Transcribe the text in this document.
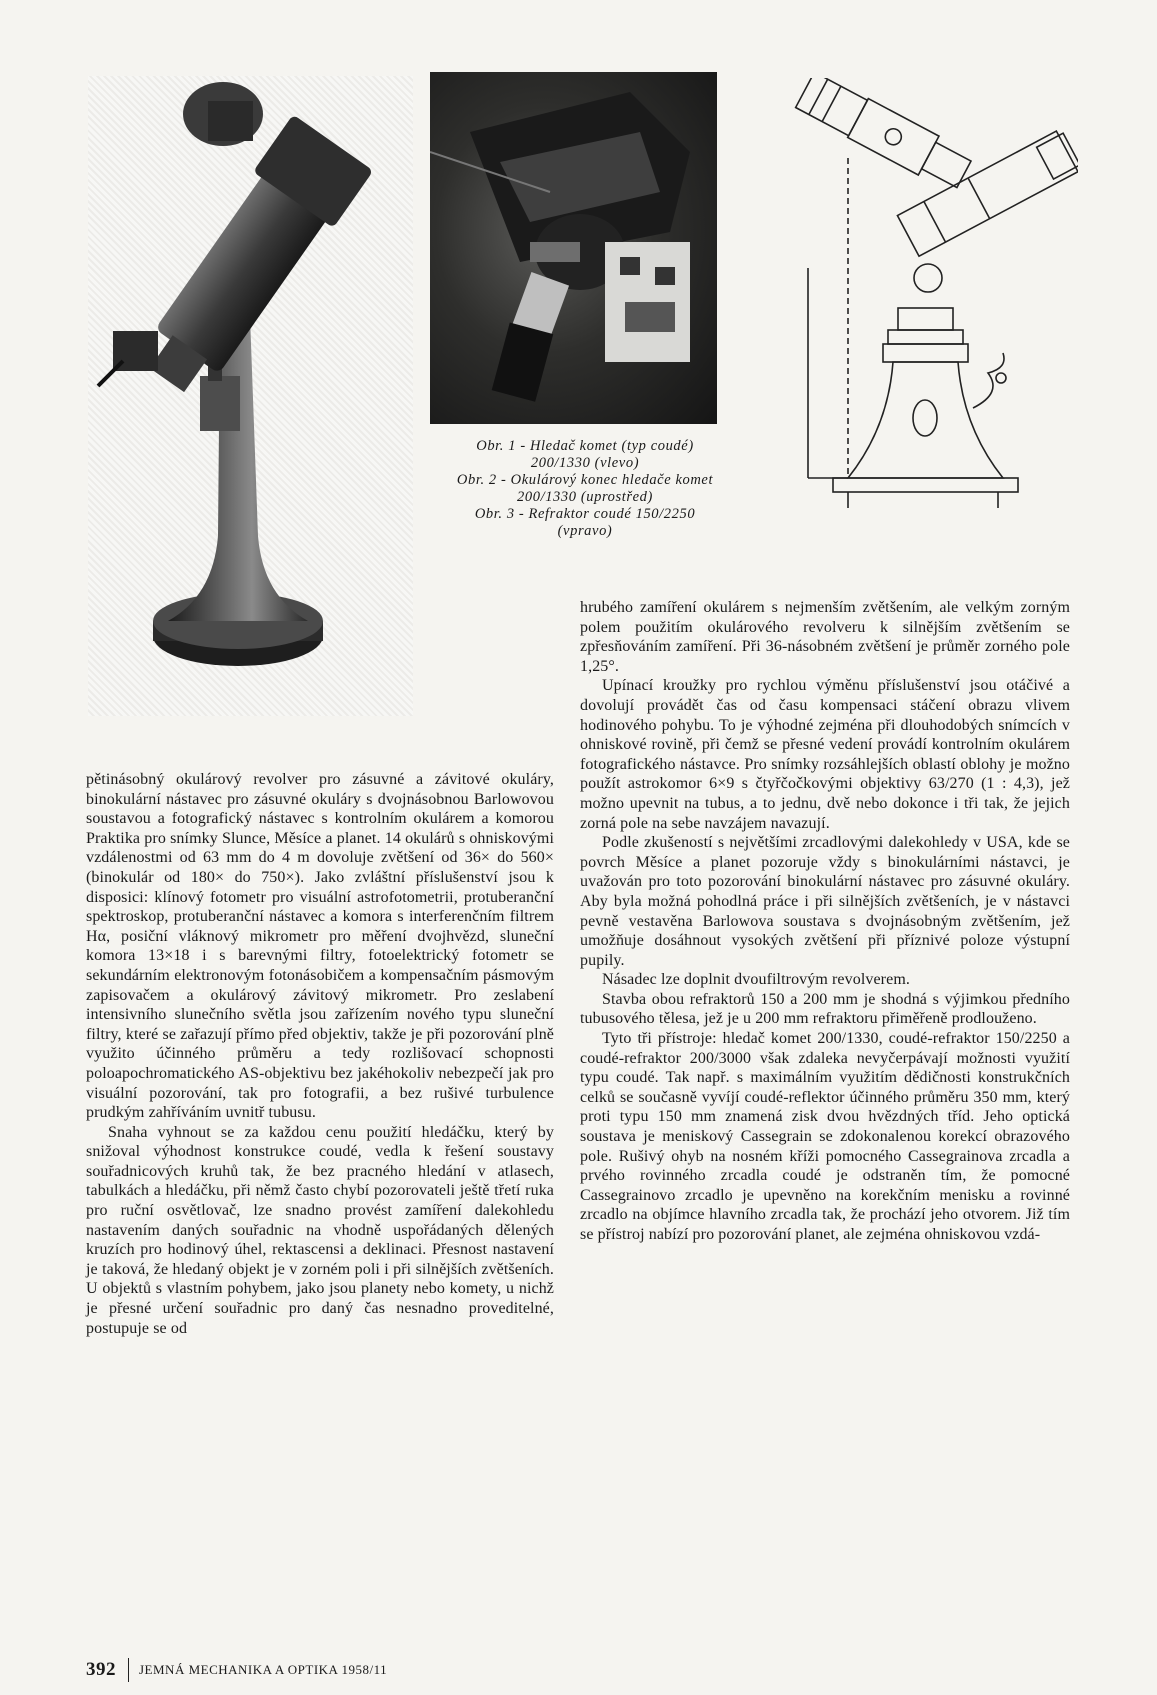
Obr. 1 - Hledač komet (typ coudé)
200/1330 (vlevo)
Obr. 2 - Okulárový konec hledače komet
200/1330 (uprostřed)
Obr. 3 - Refraktor coudé 150/2250
(vpravo)

hrubého zamíření okulárem s nejmenším zvětšením, ale velkým zorným polem použitím okulárového revolveru k silnějším zvětšením se zpřesňováním zamíření. Při 36-násobném zvětšení je průměr zorného pole 1,25°.

Upínací kroužky pro rychlou výměnu příslušenství jsou otáčivé a dovolují provádět čas od času kompensaci stáčení obrazu vlivem hodinového pohybu. To je výhodné zejména při dlouhodobých snímcích v ohniskové rovině, při čemž se přesné vedení provádí kontrolním okulárem fotografického nástavce. Pro snímky rozsáhlejších oblastí oblohy je možno použít astrokomor 6×9 s čtyřčočkovými objektivy 63/270 (1 : 4,3), jež možno upevnit na tubus, a to jednu, dvě nebo dokonce i tři tak, že jejich zorná pole na sebe navzájem navazují.

Podle zkušeností s největšími zrcadlovými dalekohledy v USA, kde se povrch Měsíce a planet pozoruje vždy s binokulárními nástavci, je uvažován pro toto pozorování binokulární nástavec pro zásuvné okuláry. Aby byla možná pohodlná práce i při silnějších zvětšeních, je v nástavci pevně vestavěna Barlowova soustava s dvojnásobným zvětšením, jež umožňuje dosáhnout vysokých zvětšení při příznivé poloze výstupní pupily.

Násadec lze doplnit dvoufiltrovým revolverem.

Stavba obou refraktorů 150 a 200 mm je shodná s výjimkou předního tubusového tělesa, jež je u 200 mm refraktoru přiměřeně prodlouženo.

Tyto tři přístroje: hledač komet 200/1330, coudé-refraktor 150/2250 a coudé-refraktor 200/3000 však zdaleka nevyčerpávají možnosti využití typu coudé. Tak např. s maximálním využitím dědičnosti konstrukčních celků se současně vyvíjí coudé-reflektor účinného průměru 350 mm, který proti typu 150 mm znamená zisk dvou hvězdných tříd. Jeho optická soustava je meniskový Cassegrain se zdokonalenou korekcí obrazového pole. Rušivý ohyb na nosném kříži pomocného Cassegrainova zrcadla a prvého rovinného zrcadla coudé je odstraněn tím, že pomocné Cassegrainovo zrcadlo je upevněno na korekčním menisku a rovinné zrcadlo na objímce hlavního zrcadla tak, že prochází jeho otvorem. Již tím se přístroj nabízí pro pozorování planet, ale zejména ohniskovou vzdá-

pětinásobný okulárový revolver pro zásuvné a závitové okuláry, binokulární nástavec pro zásuvné okuláry s dvojnásobnou Barlowovou soustavou a fotografický nástavec s kontrolním okulárem a komorou Praktika pro snímky Slunce, Měsíce a planet. 14 okulárů s ohniskovými vzdálenostmi od 63 mm do 4 m dovoluje zvětšení od 36× do 560× (binokulár od 180× do 750×). Jako zvláštní příslušenství jsou k disposici: klínový fotometr pro visuální astrofotometrii, protuberanční spektroskop, protuberanční nástavec a komora s interferenčním filtrem Hα, posiční vláknový mikrometr pro měření dvojhvězd, sluneční komora 13×18 i s barevnými filtry, fotoelektrický fotometr se sekundárním elektronovým fotonásobičem a kompensačním pásmovým zapisovačem a okulárový závitový mikrometr. Pro zeslabení intensivního slunečního světla jsou zařízením nového typu sluneční filtry, které se zařazují přímo před objektiv, takže je při pozorování plně využito účinného průměru a tedy rozlišovací schopnosti poloapochromatického AS-objektivu bez jakéhokoliv nebezpečí jak pro visuální pozorování, tak pro fotografii, a bez rušivé turbulence prudkým zahříváním uvnitř tubusu.

Snaha vyhnout se za každou cenu použití hledáčku, který by snižoval výhodnost konstrukce coudé, vedla k řešení soustavy souřadnicových kruhů tak, že bez pracného hledání v atlasech, tabulkách a hledáčku, při němž často chybí pozorovateli ještě třetí ruka pro ruční osvětlovač, lze snadno provést zamíření dalekohledu nastavením daných souřadnic na vhodně uspořádaných dělených kruzích pro hodinový úhel, rektascensi a deklinaci. Přesnost nastavení je taková, že hledaný objekt je v zorném poli i při silnějších zvětšeních. U objektů s vlastním pohybem, jako jsou planety nebo komety, u nichž je přesné určení souřadnic pro daný čas nesnadno proveditelné, postupuje se od

392 JEMNÁ MECHANIKA A OPTIKA 1958/11
